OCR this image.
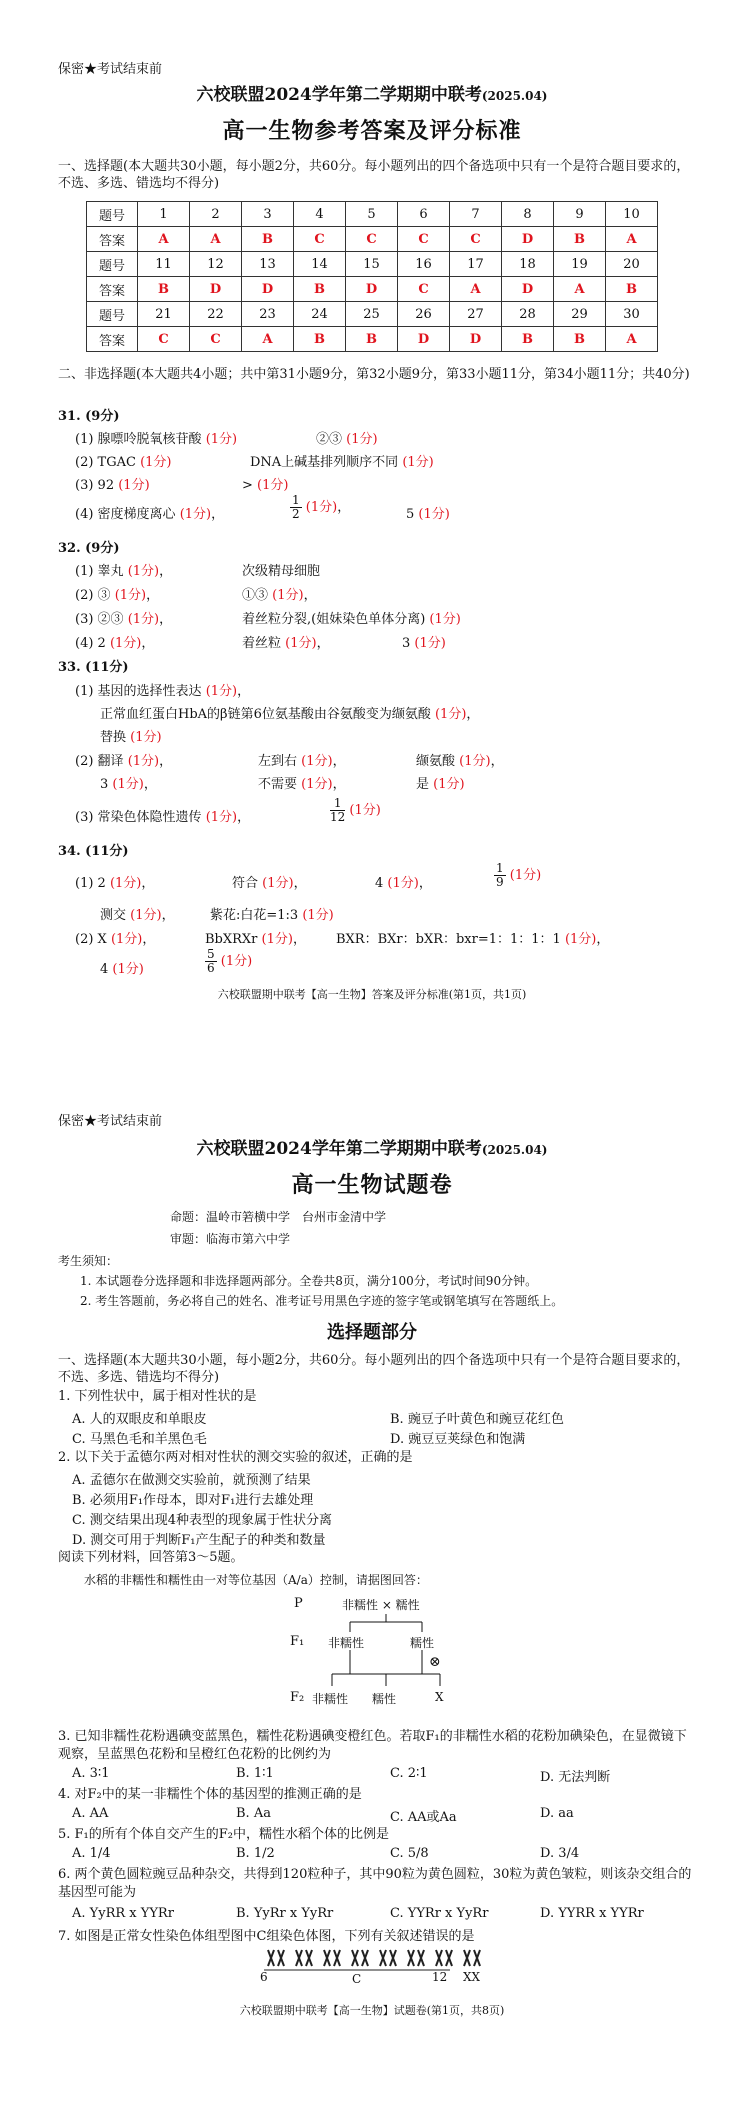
保密★考试结束前
六校联盟2024学年第二学期期中联考(2025.04)
高一生物参考答案及评分标准
一、选择题(本大题共30小题，每小题2分，共60分。每小题列出的四个备选项中只有一个是符合题目要求的，不选、多选、错选均不得分)
题号	1	2	3	4	5	6	7	8	9	10
答案	A	A	B	C	C	C	C	D	B	A
题号	11	12	13	14	15	16	17	18	19	20
答案	B	D	D	B	D	C	A	D	A	B
题号	21	22	23	24	25	26	27	28	29	30
答案	C	C	A	B	B	D	D	B	B	A
二、非选择题(本大题共4小题；共中第31小题9分，第32小题9分，第33小题11分，第34小题11分；共40分)
31. (9分)
(1) 腺嘌呤脱氧核苷酸 (1分)	②③ (1分)
(2) TGAC (1分)	DNA上碱基排列顺序不同 (1分)
(3) 92 (1分)	> (1分)
(4) 密度梯度离心 (1分)，	$\frac{1}{2} (1$分)，	5 (1分)
32. (9分)
(1) 睾丸 (1分)，	次级精母细胞
(2) ③ (1分)，	①③ (1分)，
(3) ②③ (1分)，	着丝粒分裂,(姐妹染色单体分离) (1分)
(4) 2 (1分)，	着丝粒 (1分)，	3 (1分)
33. (11分)
(1) 基因的选择性表达 (1分)，
正常血红蛋白HbA的β链第6位氨基酸由谷氨酸变为缬氨酸 (1分)，
替换 (1分)
(2) 翻译 (1分)，	左到右 (1分)，	缬氨酸 (1分)，
3 (1分)，	不需要 (1分)，	是 (1分)
(3) 常染色体隐性遗传 (1分)，	$\frac{1}{12} (1$分)
34. (11分)
(1) 2 (1分)，	符合 (1分)，	4 (1分)，	$\frac{1}{9} (1$分)
测交 (1分)，	紫花:白花=1:3 (1分)
(2) X (1分)，	BbXRXr (1分)， BXR：BXr：bXR：bxr=1：1：1：1 (1分)，
4 (1分)	$\frac{5}{6} (1$分)
六校联盟期中联考【高一生物】答案及评分标准(第1页，共1页)
保密★考试结束前
六校联盟2024学年第二学期期中联考(2025.04)
高一生物试题卷
命题：温岭市箬横中学　台州市金清中学
审题：临海市第六中学
考生须知：
1. 本试题卷分选择题和非选择题两部分。全卷共8页，满分100分，考试时间90分钟。
2. 考生答题前，务必将自己的姓名、准考证号用黑色字迹的签字笔或钢笔填写在答题纸上。
选择题部分
一、选择题(本大题共30小题，每小题2分，共60分。每小题列出的四个备选项中只有一个是符合题目要求的，不选、多选、错选均不得分)
1. 下列性状中，属于相对性状的是
A. 人的双眼皮和单眼皮	B. 豌豆子叶黄色和豌豆花红色
C. 马黑色毛和羊黑色毛	D. 豌豆豆荚绿色和饱满
2. 以下关于孟德尔两对相对性状的测交实验的叙述，正确的是
A. 孟德尔在做测交实验前，就预测了结果
B. 必须用F₁作母本，即对F₁进行去雄处理
C. 测交结果出现4种表型的现象属于性状分离
D. 测交可用于判断F₁产生配子的种类和数量
阅读下列材料，回答第3～5题。
水稻的非糯性和糯性由一对等位基因（A/a）控制，请据图回答：
P	非糯性 × 糯性
F₁ 非糯性	糯性
⊗
F₂ 非糯性 糯性	X
3. 已知非糯性花粉遇碘变蓝黑色，糯性花粉遇碘变橙红色。若取F₁的非糯性水稻的花粉加碘染色，在显微镜下观察，呈蓝黑色花粉和呈橙红色花粉的比例约为
A. 3∶1	B. 1∶1	C. 2∶1	D. 无法判断
4. 对F₂中的某一非糯性个体的基因型的推测正确的是
A. AA	B. Aa	C. AA或Aa	D. aa
5. F₁的所有个体自交产生的F₂中，糯性水稻个体的比例是
A. 1/4	B. 1/2	C. 5/8	D. 3/4
6. 两个黄色圆粒豌豆品种杂交，共得到120粒种子，其中90粒为黄色圆粒，30粒为黄色皱粒，则该杂交组合的基因型可能为
A. YyRR x YYRr	B. YyRr x YyRr	C. YYRr x YyRr	D. YYRR x YYRr
7. 如图是正常女性染色体组型图中C组染色体图，下列有关叙述错误的是
6	C	12 XX
六校联盟期中联考【高一生物】试题卷(第1页，共8页)
